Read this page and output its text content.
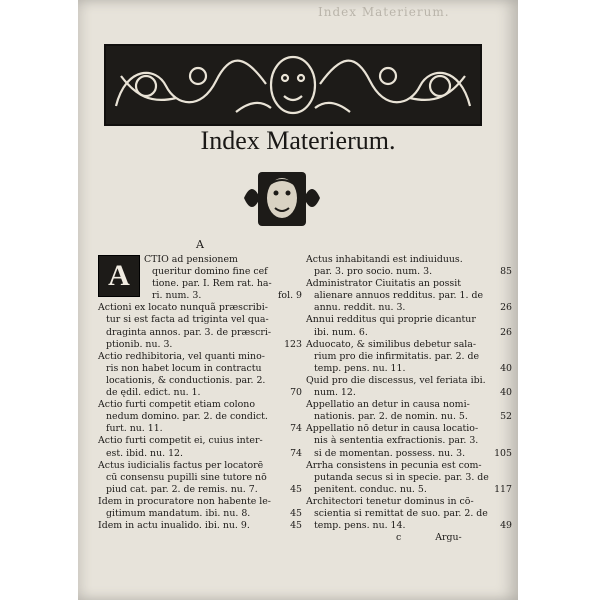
Index Materierum.
Index Materierum.
A
A	CTIO ad pensionem
queritur domino fine cef
tione. par. I. Rem rat. ha-
ri. num. 3.	fol. 9
Actioni ex locato nunquã præscribi-
tur si est facta ad triginta vel qua-
draginta annos. par. 3. de præscri-
ptionib. nu. 3.	123
Actio redhibitoria, vel quanti mino-
ris non habet locum in contractu
locationis, & conductionis. par. 2.
de ędil. edict. nu. 1.	70
Actio furti competit etiam colono
nedum domino. par. 2. de condict.
furt. nu. 11.	74
Actio furti competit ei, cuius inter-
est. ibid. nu. 12.	74
Actus iudicialis factus per locatorē
cū consensu pupilli sine tutore nō
piud cat. par. 2. de remis. nu. 7.	45
Idem in procuratore non habente le-
gitimum mandatum. ibi. nu. 8.	45
Idem in actu inualido. ibi. nu. 9.	45
Actus inhabitandi est indiuiduus.
par. 3. pro socio. num. 3.	85
Administrator Ciuitatis an possit
alienare annuos redditus. par. 1. de
annu. reddit. nu. 3.	26
Annui redditus qui proprie dicantur
ibi. num. 6.	26
Aduocato, & similibus debetur sala-
rium pro die infirmitatis. par. 2. de
temp. pens. nu. 11.	40
Quid pro die discessus, vel feriata ibi.
num. 12.	40
Appellatio an detur in causa nomi-
nationis. par. 2. de nomin. nu. 5.	52
Appellatio nō detur in causa locatio-
nis à sententia exfractionis. par. 3.
si de momentan. possess. nu. 3.	105
Arrha consistens in pecunia est com-
putanda secus si in specie. par. 3. de
penitent. conduc. nu. 5.	117
Architectori tenetur dominus in cō-
scientia si remittat de suo. par. 2. de
temp. pens. nu. 14.	49
c	Argu-
